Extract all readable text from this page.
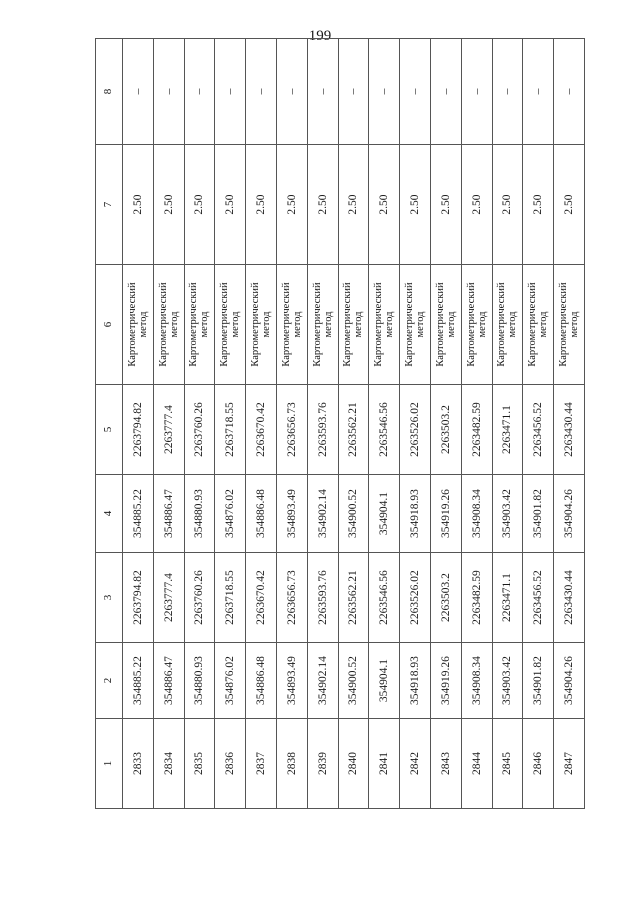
199
1	2	3	4	5	6	7	8
2833	354885.22	2263794.82	354885.22	2263794.82	Картометрический метод	2.50	–
2834	354886.47	2263777.4	354886.47	2263777.4	Картометрический метод	2.50	–
2835	354880.93	2263760.26	354880.93	2263760.26	Картометрический метод	2.50	–
2836	354876.02	2263718.55	354876.02	2263718.55	Картометрический метод	2.50	–
2837	354886.48	2263670.42	354886.48	2263670.42	Картометрический метод	2.50	–
2838	354893.49	2263656.73	354893.49	2263656.73	Картометрический метод	2.50	–
2839	354902.14	2263593.76	354902.14	2263593.76	Картометрический метод	2.50	–
2840	354900.52	2263562.21	354900.52	2263562.21	Картометрический метод	2.50	–
2841	354904.1	2263546.56	354904.1	2263546.56	Картометрический метод	2.50	–
2842	354918.93	2263526.02	354918.93	2263526.02	Картометрический метод	2.50	–
2843	354919.26	2263503.2	354919.26	2263503.2	Картометрический метод	2.50	–
2844	354908.34	2263482.59	354908.34	2263482.59	Картометрический метод	2.50	–
2845	354903.42	2263471.1	354903.42	2263471.1	Картометрический метод	2.50	–
2846	354901.82	2263456.52	354901.82	2263456.52	Картометрический метод	2.50	–
2847	354904.26	2263430.44	354904.26	2263430.44	Картометрический метод	2.50	–
